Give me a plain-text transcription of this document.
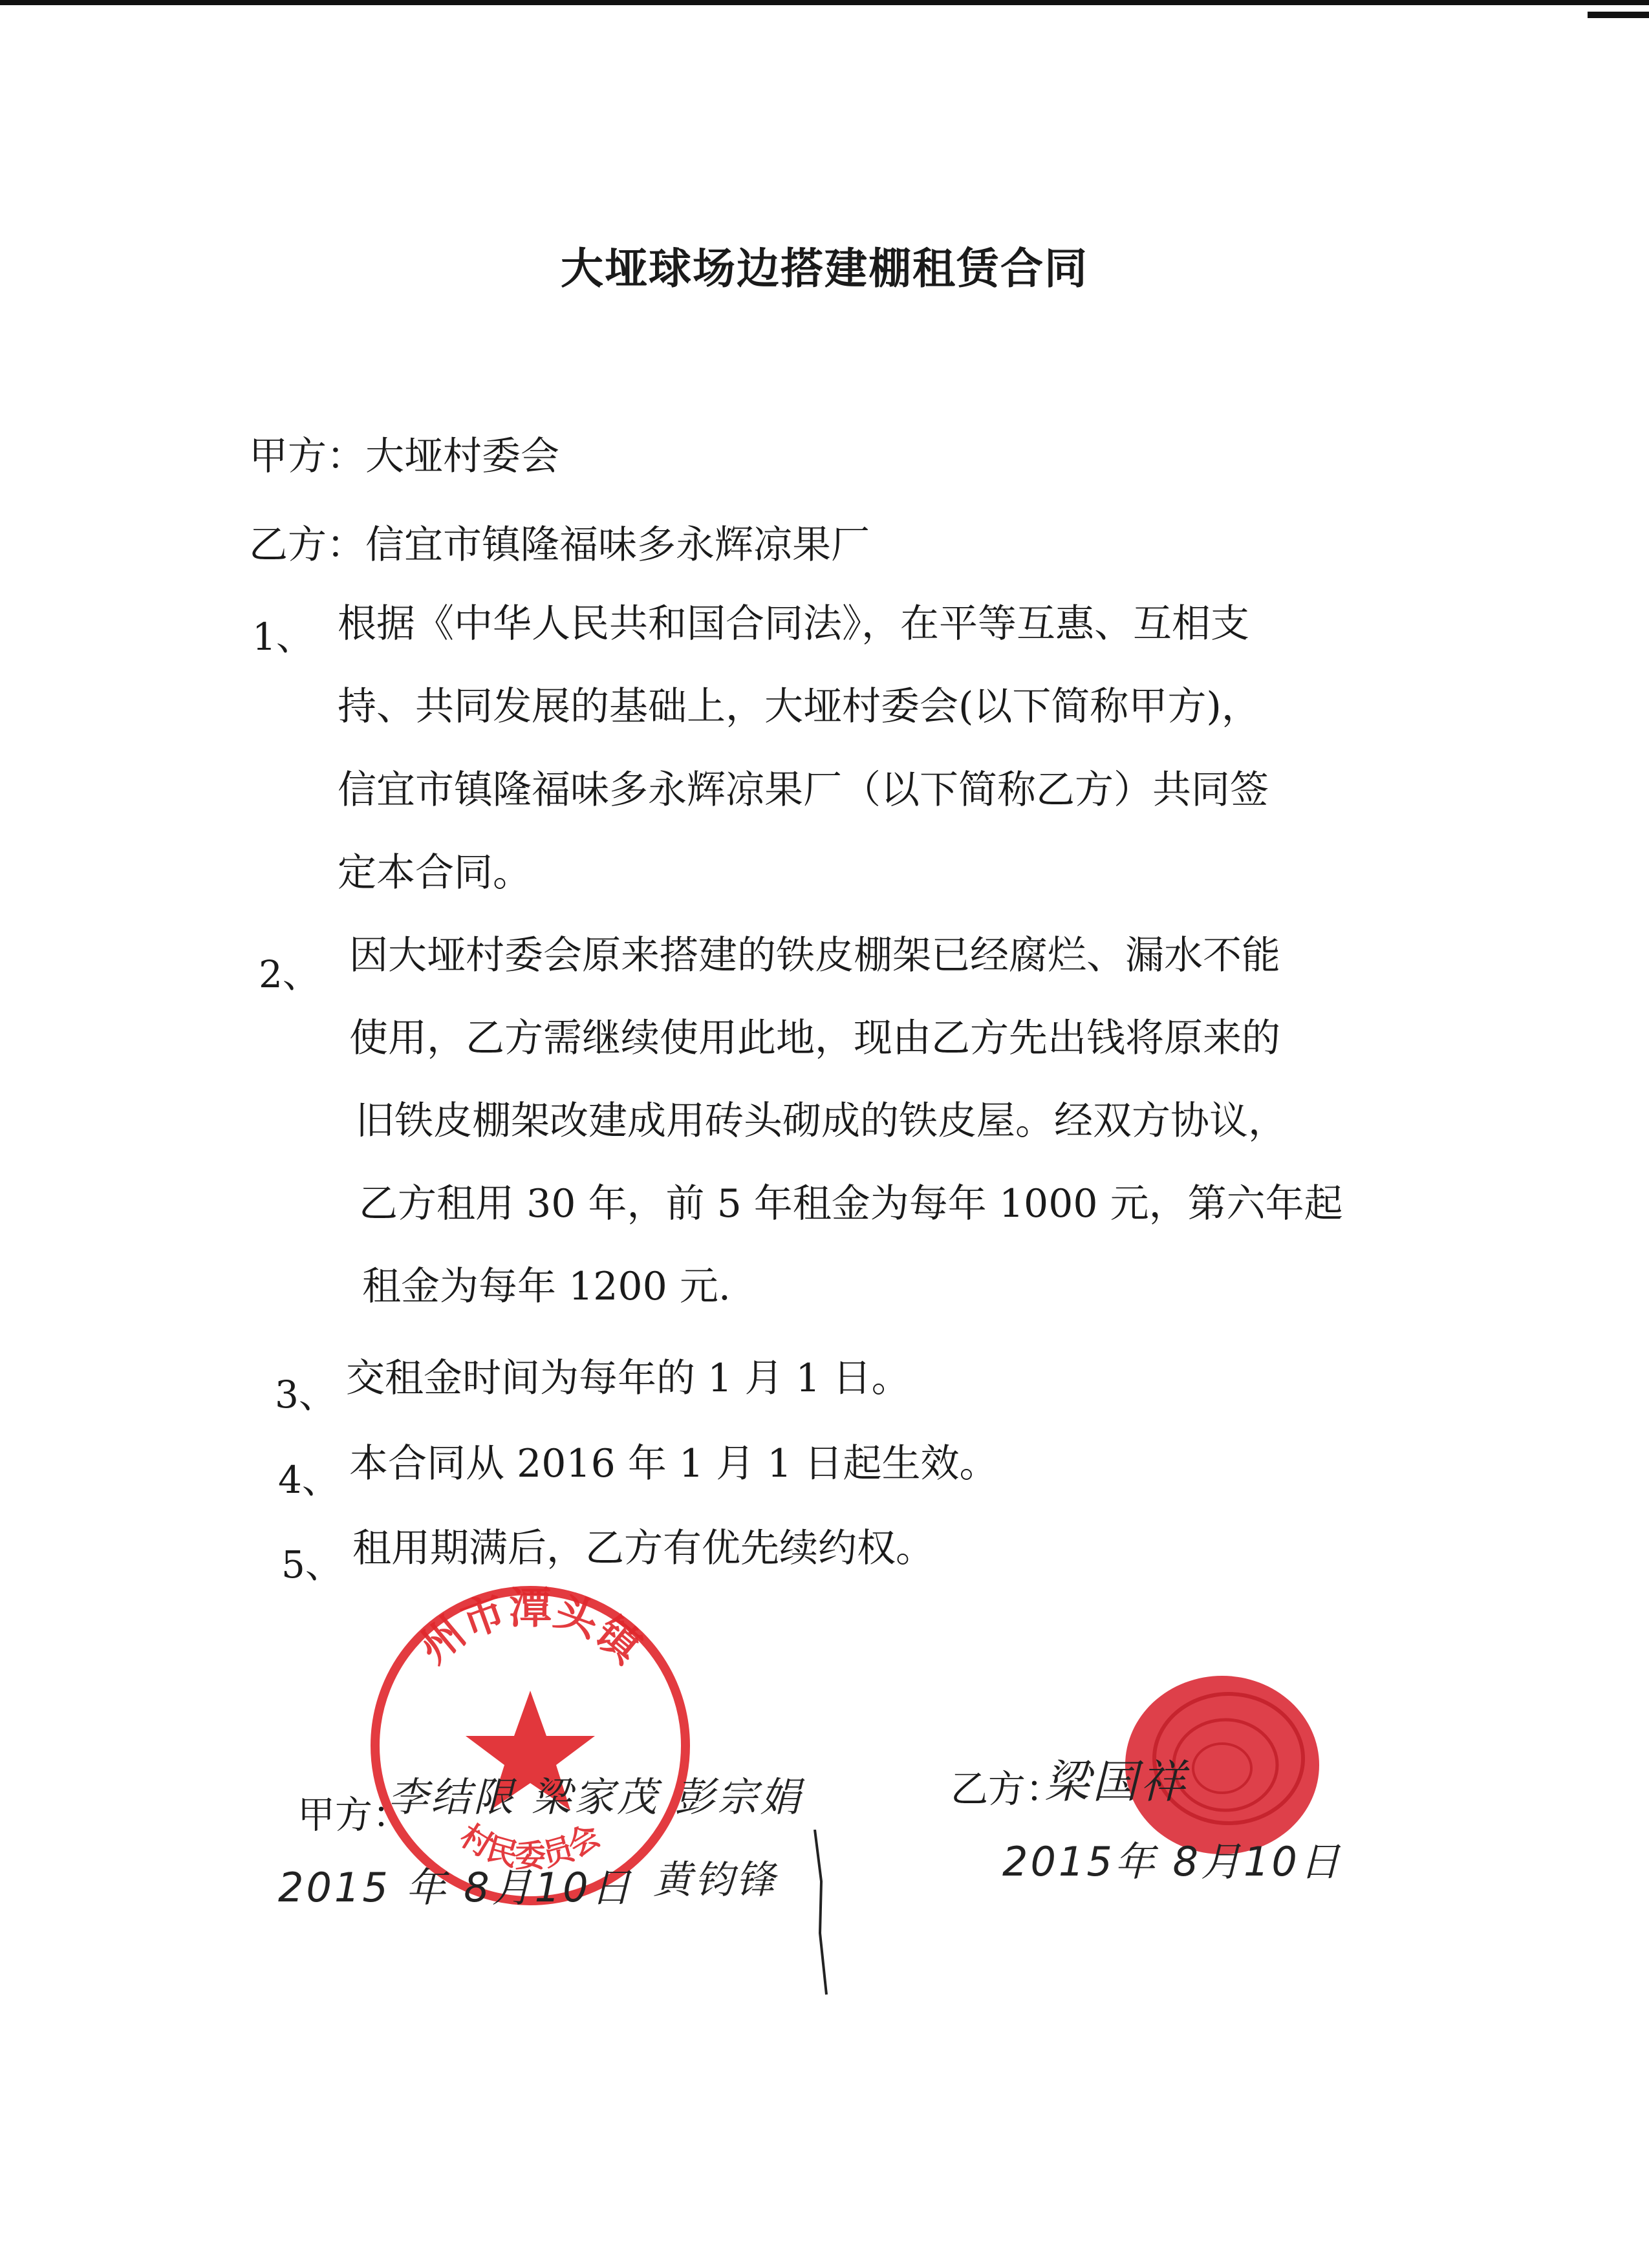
大垭球场边搭建棚租赁合同
甲方：大垭村委会
乙方：信宜市镇隆福味多永辉凉果厂
1、 根据《中华人民共和国合同法》，在平等互惠、互相支
持、共同发展的基础上，大垭村委会(以下简称甲方)，
信宜市镇隆福味多永辉凉果厂（以下简称乙方）共同签
定本合同。
2、 因大垭村委会原来搭建的铁皮棚架已经腐烂、漏水不能
使用，乙方需继续使用此地，现由乙方先出钱将原来的
旧铁皮棚架改建成用砖头砌成的铁皮屋。经双方协议，
乙方租用 30 年，前 5 年租金为每年 1000 元，第六年起
租金为每年 1200 元.
3、 交租金时间为每年的 1 月 1 日。
4、 本合同从 2016 年 1 月 1 日起生效。
5、 租用期满后，乙方有优先续约权。
州市潭头镇
村民委员会
甲方：
李结限 梁家茂 彭宗娟
黄钧锋
2015 年 8月10日
乙方：
梁国祥
2015年 8月10日
